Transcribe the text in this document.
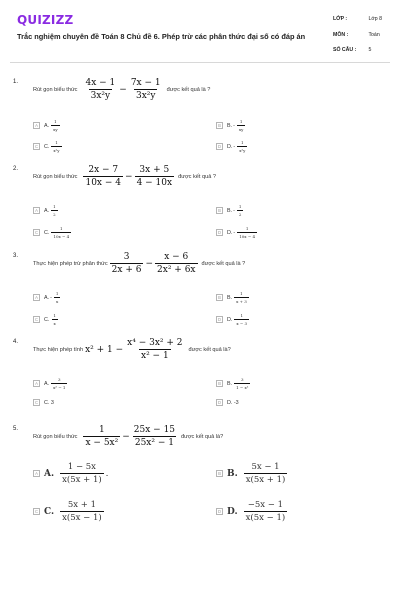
QUIZIZZ
Trắc nghiệm chuyên đề Toán 8 Chủ đề 6. Phép trừ các phân thức đại số có đáp án
LỚP :	Lớp 8
MÔN :	Toán
SỐ CÂU : 5
1.
Rút gọn biểu thức $\frac{4x - 1}{\text{3x²y}} - \frac{7x - 1}{\text{3x²y}}$ được kết quả là ?
A	A. $\frac{1}{xy}$	B	B. - $\frac{1}{xy}$
C	C. $\frac{1}{\text{x²y}}$	D	D. - $\frac{1}{\text{x²y}}$
2.
Rút gọn biểu thức $\frac{2x - 7}{10x - 4} - \frac{3x + 5}{4 - 10x}$ được kết quả ?
A	A. $\frac{1}{2}$	B	B. - $\frac{1}{2}$
C	C. $\frac{1}{10x - 4}$	D	D. - $\frac{1}{10x - 4}$
3.
Thực hiện phép trừ phân thức $\frac{3}{2x + 6} - \frac{x - 6}{\text{2x² + 6x}}$ được kết quả là ?
A	A. - $\frac{1}{x}$	B	B. $\frac{1}{x + 3}$
C	C. $\frac{1}{x}$	D	D. $\frac{1}{x - 3}$
4.
Thực hiện phép tính $x^2 + 1 - \frac{\text{x⁴ − 3x² + 2}}{\text{x² − 1}}$ được kết quả là?
A	A. $\frac{3}{\text{x² − 1}}$	B	B. $\frac{3}{\text{1 − x²}}$
C	C. 3	D	D. -3
5.
Rút gọn biểu thức $\frac{1}{\text{x − 5x²}} - \frac{25x - 15}{\text{25x² − 1}}$ được kết quả là?
A A. $\frac{1 - 5x}{x(5x + 1)}$ .	B B. $\frac{5x - 1}{x(5x + 1)}$
C C. $\frac{5x + 1}{x(5x - 1)}$	D D. $\frac{-5x - 1}{x(5x - 1)}$
